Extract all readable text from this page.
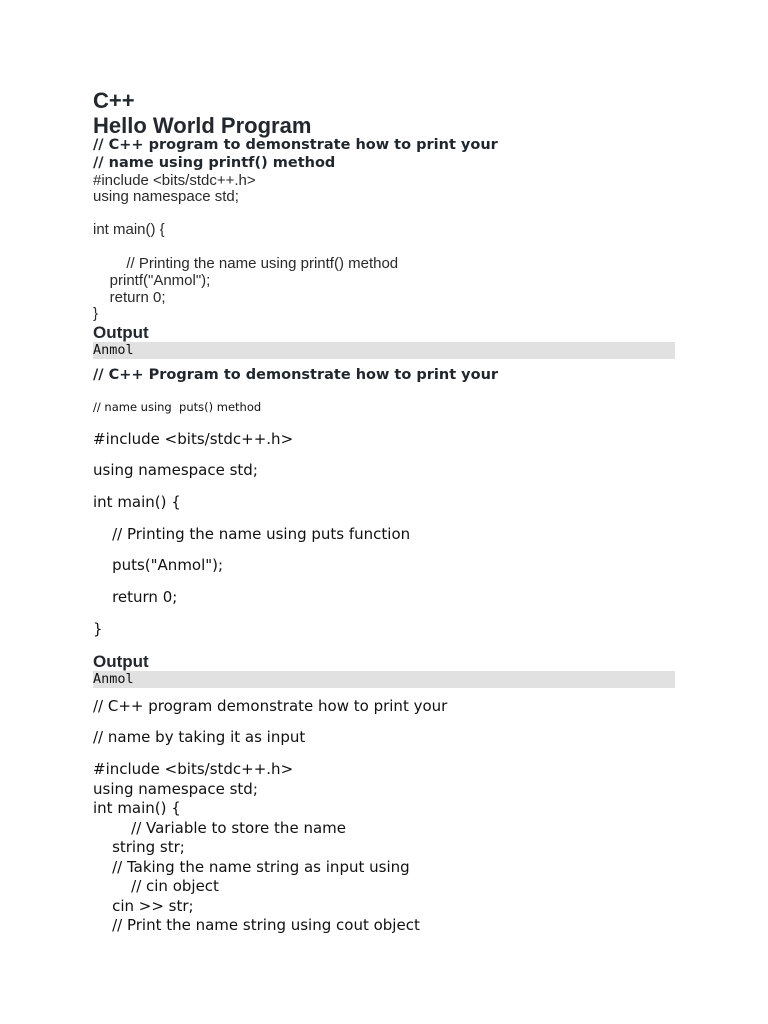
C++
Hello World Program
// C++ program to demonstrate how to print your
// name using printf() method
#include <bits/stdc++.h>
using namespace std;
int main() {
// Printing the name using printf() method
printf("Anmol");
return 0;
}
Output
Anmol
// C++ Program to demonstrate how to print your
// name using  puts() method
#include <bits/stdc++.h>
using namespace std;
int main() {
// Printing the name using puts function
puts("Anmol");
return 0;
}
Output
Anmol
// C++ program demonstrate how to print your
// name by taking it as input
#include <bits/stdc++.h>
using namespace std;
int main() {
// Variable to store the name
string str;
// Taking the name string as input using
// cin object
cin >> str;
// Print the name string using cout object
